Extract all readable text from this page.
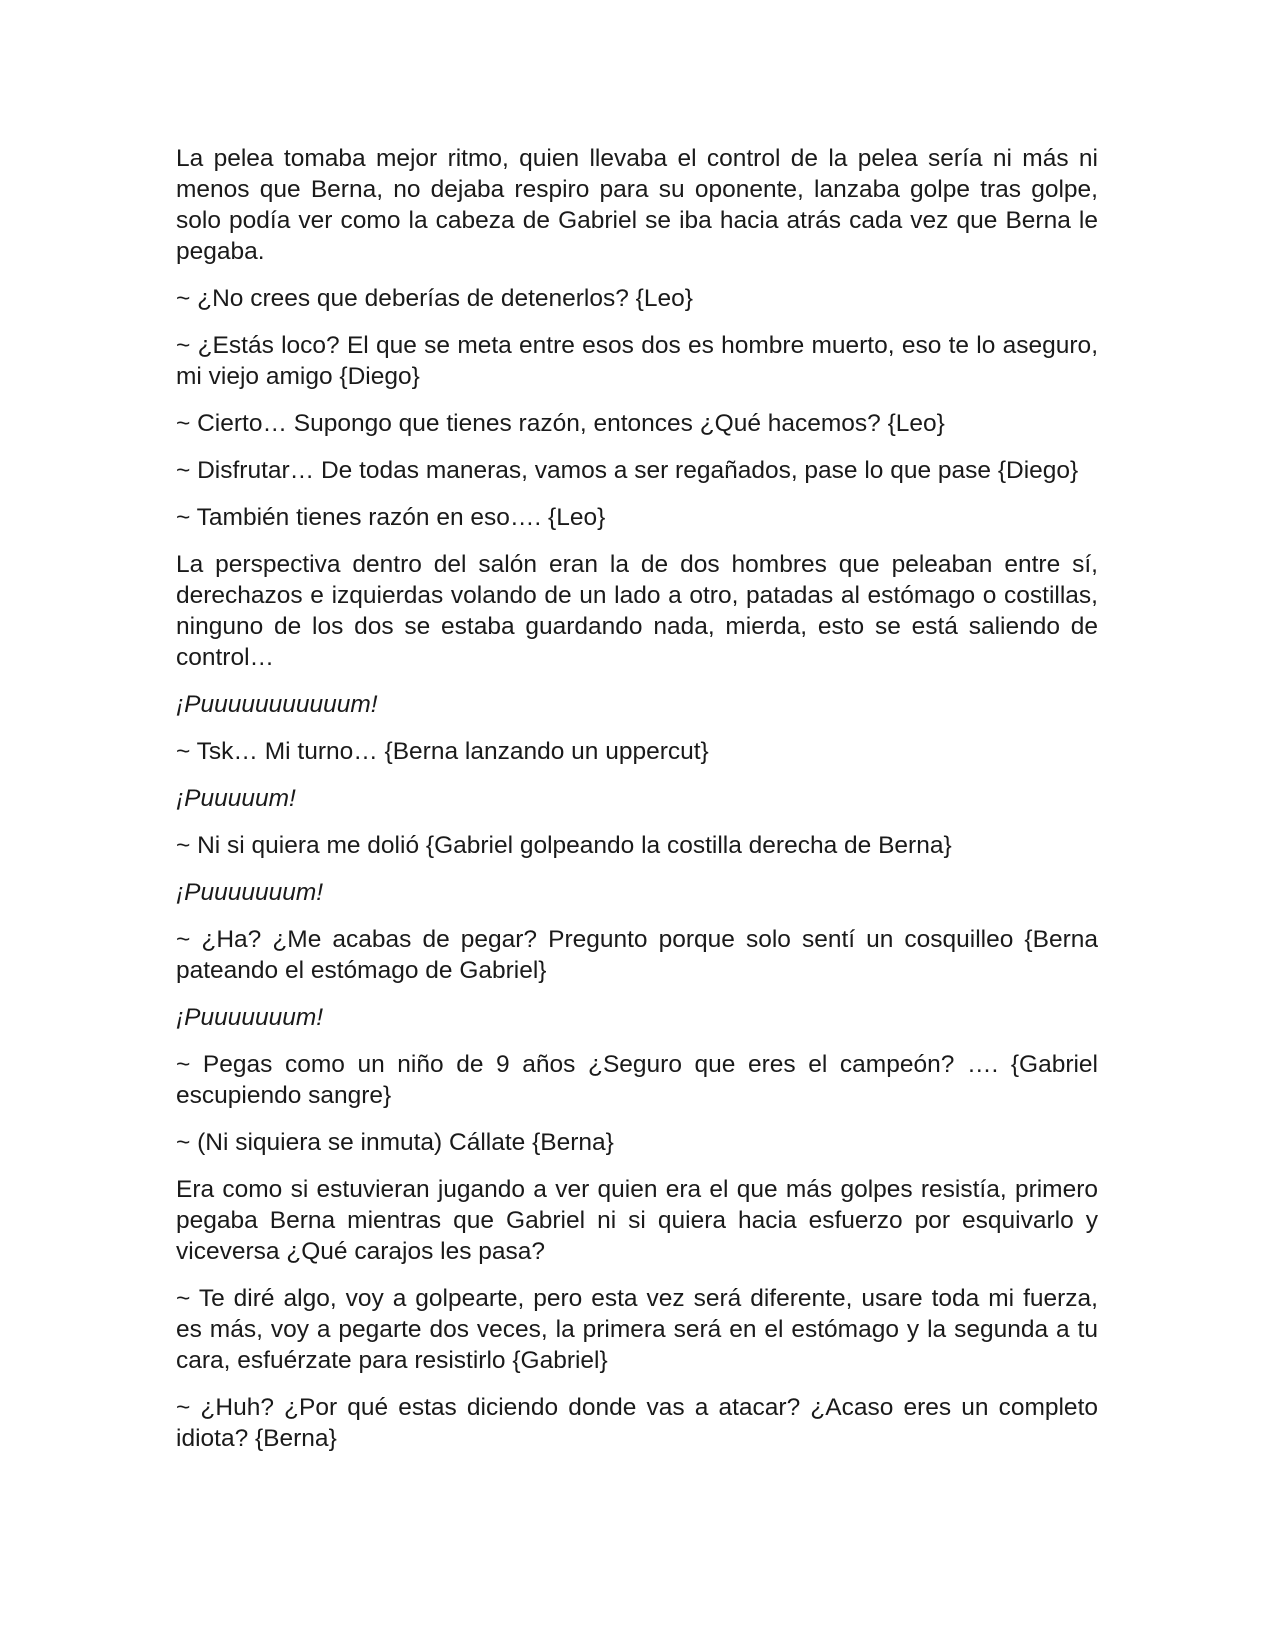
La pelea tomaba mejor ritmo, quien llevaba el control de la pelea sería ni más ni menos que Berna, no dejaba respiro para su oponente, lanzaba golpe tras golpe, solo podía ver como la cabeza de Gabriel se iba hacia atrás cada vez que Berna le pegaba.

~ ¿No crees que deberías de detenerlos? {Leo}

~ ¿Estás loco? El que se meta entre esos dos es hombre muerto, eso te lo aseguro, mi viejo amigo {Diego}

~ Cierto… Supongo que tienes razón, entonces ¿Qué hacemos? {Leo}

~ Disfrutar… De todas maneras, vamos a ser regañados, pase lo que pase {Diego}

~ También tienes razón en eso…. {Leo}

La perspectiva dentro del salón eran la de dos hombres que peleaban entre sí, derechazos e izquierdas volando de un lado a otro, patadas al estómago o costillas, ninguno de los dos se estaba guardando nada, mierda, esto se está saliendo de control…

¡Puuuuuuuuuuum!

~ Tsk… Mi turno… {Berna lanzando un uppercut}

¡Puuuuum!

~ Ni si quiera me dolió {Gabriel golpeando la costilla derecha de Berna}

¡Puuuuuuum!

~ ¿Ha? ¿Me acabas de pegar? Pregunto porque solo sentí un cosquilleo {Berna pateando el estómago de Gabriel}

¡Puuuuuuum!

~ Pegas como un niño de 9 años ¿Seguro que eres el campeón? …. {Gabriel escupiendo sangre}

~ (Ni siquiera se inmuta) Cállate {Berna}

Era como si estuvieran jugando a ver quien era el que más golpes resistía, primero pegaba Berna mientras que Gabriel ni si quiera hacia esfuerzo por esquivarlo y viceversa ¿Qué carajos les pasa?

~ Te diré algo, voy a golpearte, pero esta vez será diferente, usare toda mi fuerza, es más, voy a pegarte dos veces, la primera será en el estómago y la segunda a tu cara, esfuérzate para resistirlo {Gabriel}

~ ¿Huh? ¿Por qué estas diciendo donde vas a atacar? ¿Acaso eres un completo idiota? {Berna}
